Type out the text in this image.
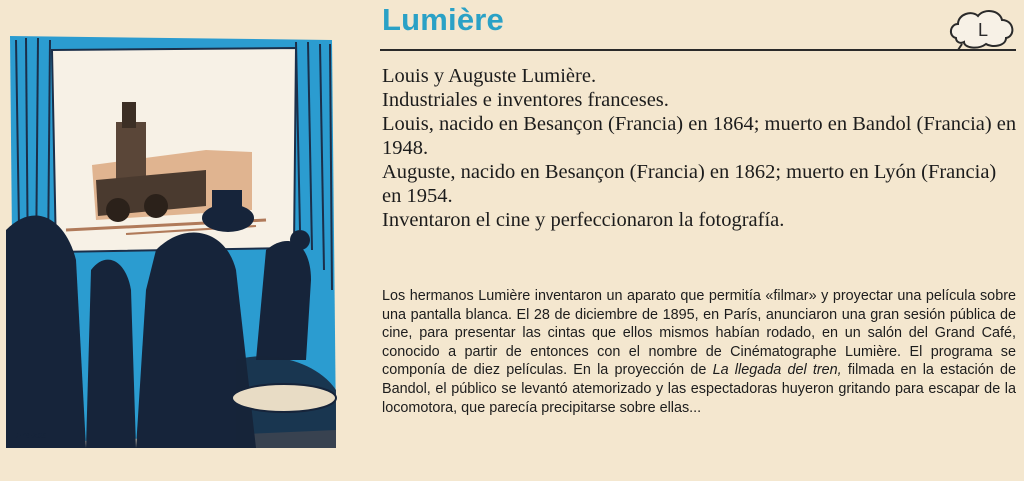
Freixas
Lumière	L

Louis y Auguste Lumière.

Industriales e inventores franceses.

Louis, nacido en Besançon (Francia) en 1864; muerto en Bandol (Francia) en 1948.

Auguste, nacido en Besançon (Francia) en 1862; muerto en Lyón (Francia) en 1954.

Inventaron el cine y perfeccionaron la fotografía.

Los hermanos Lumière inventaron un aparato que permitía «filmar» y proyectar una película sobre una pantalla blanca. El 28 de diciembre de 1895, en París, anunciaron una gran sesión pública de cine, para presentar las cintas que ellos mismos habían rodado, en un salón del Grand Café, conocido a partir de entonces con el nombre de Cinématographe Lumière. El programa se componía de diez películas. En la proyección de La llegada del tren, filmada en la estación de Bandol, el público se levantó atemorizado y las espectadoras huyeron gritando para escapar de la locomotora, que parecía precipitarse sobre ellas...
